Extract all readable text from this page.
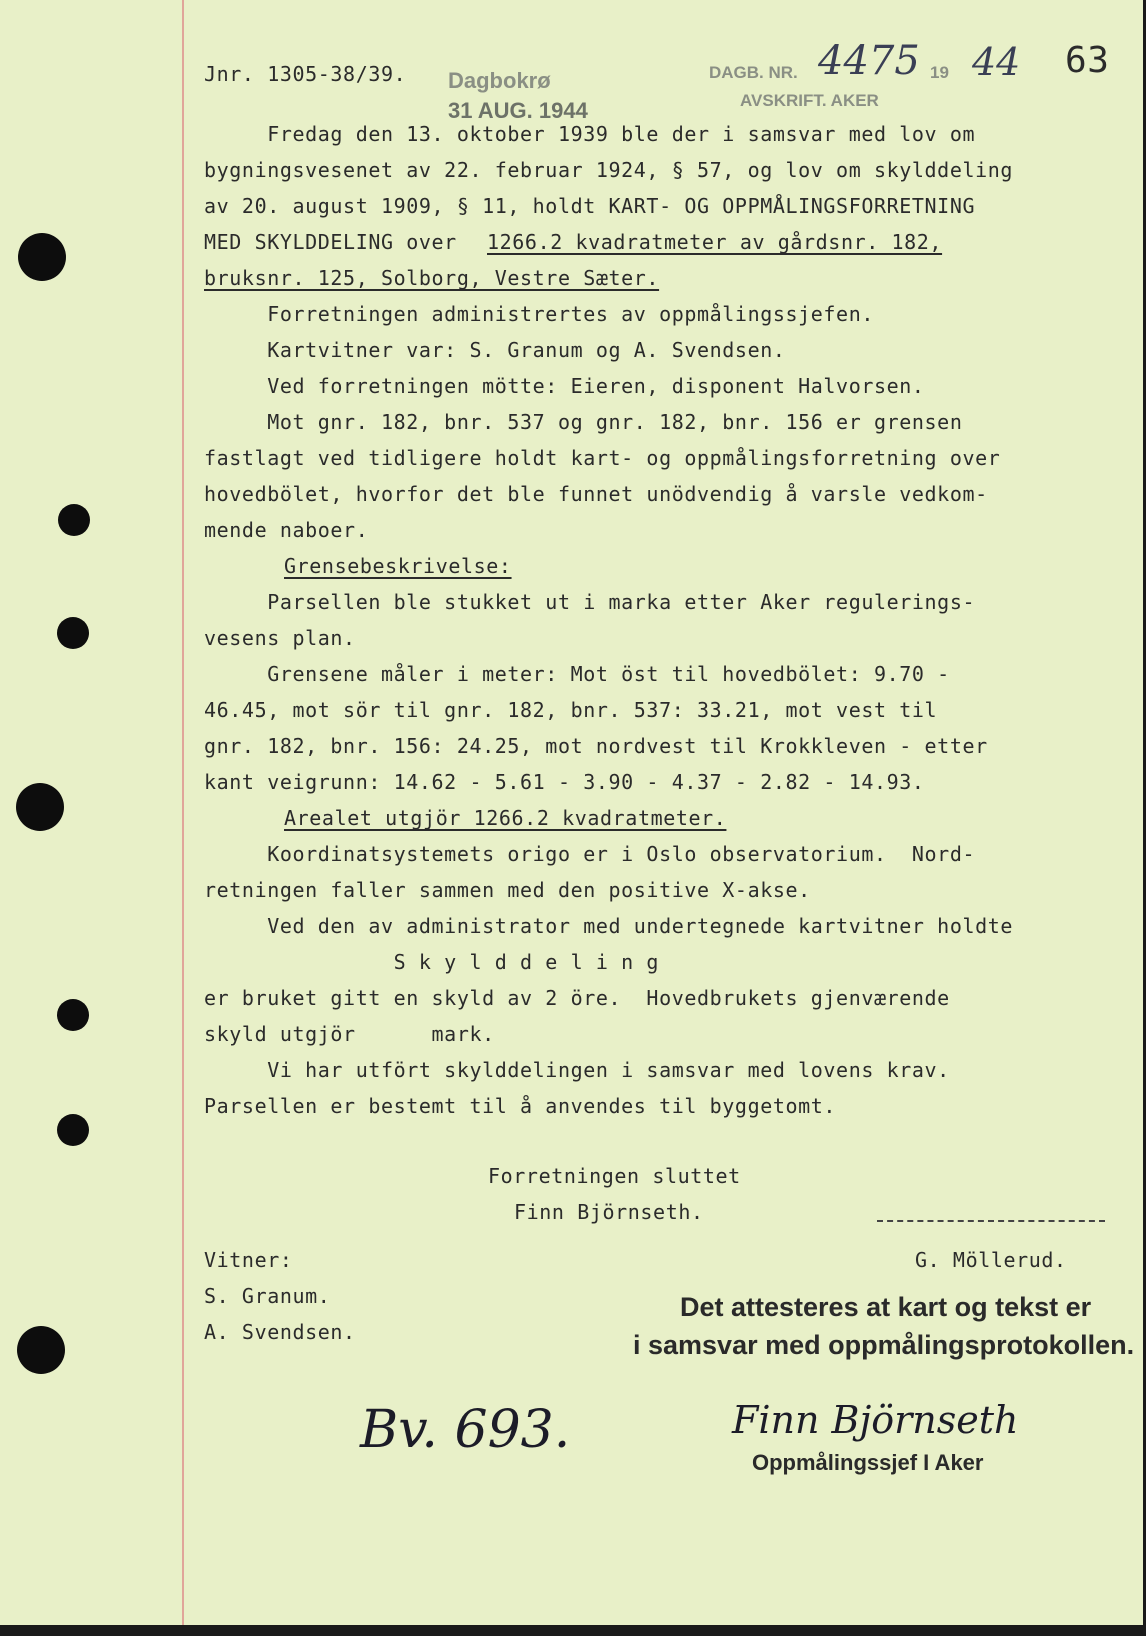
Jnr. 1305-38/39. Dagbokrø
31 AUG. 1944
DAGB. NR. 4475 19 44
AVSKRIFT. AKER
63
Fredag den 13. oktober 1939 ble der i samsvar med lov om
bygningsvesenet av 22. februar 1924, § 57, og lov om skylddeling
av 20. august 1909, § 11, holdt KART- OG OPPMÅLINGSFORRETNING
MED SKYLDDELING over 1266.2 kvadratmeter av gårdsnr. 182,
bruksnr. 125, Solborg, Vestre Sæter.
Forretningen administrertes av oppmålingssjefen.
Kartvitner var: S. Granum og A. Svendsen.
Ved forretningen mötte: Eieren, disponent Halvorsen.
Mot gnr. 182, bnr. 537 og gnr. 182, bnr. 156 er grensen
fastlagt ved tidligere holdt kart- og oppmålingsforretning over
hovedbölet, hvorfor det ble funnet unödvendig å varsle vedkom-
mende naboer.
Grensebeskrivelse:
Parsellen ble stukket ut i marka etter Aker regulerings-
vesens plan.
Grensene måler i meter: Mot öst til hovedbölet: 9.70 -
46.45, mot sör til gnr. 182, bnr. 537: 33.21, mot vest til
gnr. 182, bnr. 156: 24.25, mot nordvest til Krokkleven - etter
kant veigrunn: 14.62 - 5.61 - 3.90 - 4.37 - 2.82 - 14.93.
Arealet utgjör 1266.2 kvadratmeter.
Koordinatsystemets origo er i Oslo observatorium.  Nord-
retningen faller sammen med den positive X-akse.
Ved den av administrator med undertegnede kartvitner holdte
S k y l d d e l i n g
er bruket gitt en skyld av 2 öre.  Hovedbrukets gjenværende
skyld utgjör      mark.
Vi har utfört skylddelingen i samsvar med lovens krav.
Parsellen er bestemt til å anvendes til byggetomt.
Forretningen sluttet
Finn Björnseth.
G. Möllerud.
Vitner:
S. Granum.
A. Svendsen.
Det attesteres at kart og tekst er
i samsvar med oppmålingsprotokollen.
Finn Björnseth
Oppmålingssjef I Aker
Bv. 693.
